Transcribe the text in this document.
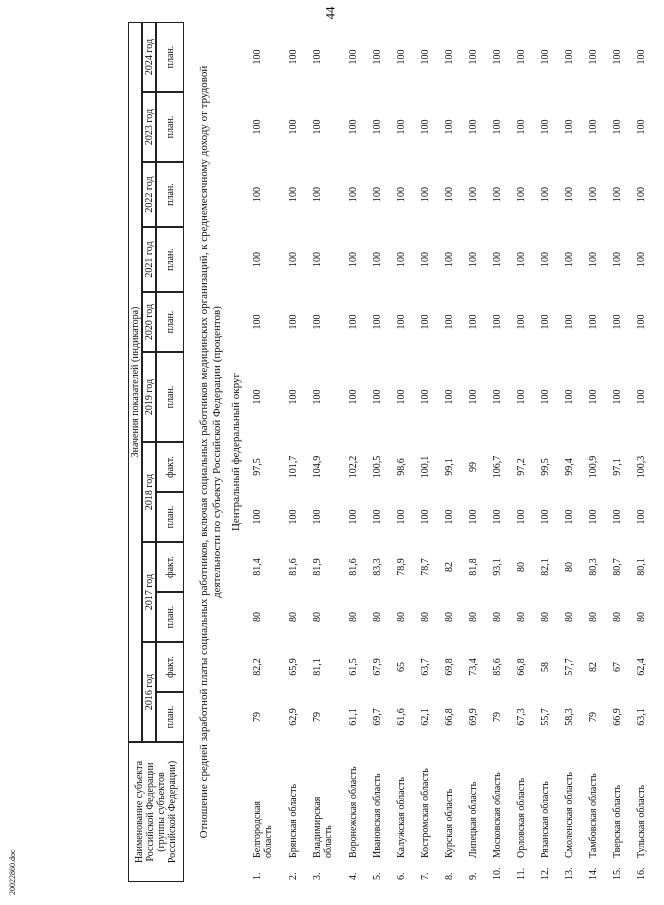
44
20022860.doc
Наименование субъекта Российской Федерации (группы субъектов Российской Федерации)
Значения показателей (индикатора)	Отношение средней заработной платы социальных работников, включая социальных работников медицинских организаций, к среднемесячному доходу от трудовой деятельности по субъекту Российской Федерации (процентов) Центральный федеральный округ
2016 год
2017 год
2018 год
2019 год
2020 год
2021 год
2022 год
2023 год
2024 год
план.
факт.
план.
факт.
план.
факт.
план.
план.
план.
план.
план.
план.
1.
Белгородская область
79
82,2
80
81,4
100
97,5
100
100
100
100
100
100
2.
Брянская область
62,9
65,9
80
81,6
100
101,7
100
100
100
100
100
100
3.
Владимирская область
79
81,1
80
81,9
100
104,9
100
100
100
100
100
100
4.
Воронежская область
61,1
61,5
80
81,6
100
102,2
100
100
100
100
100
100
5.
Ивановская область
69,7
67,9
80
83,3
100
100,5
100
100
100
100
100
100
6.
Калужская область
61,6
65
80
78,9
100
98,6
100
100
100
100
100
100
7.
Костромская область
62,1
63,7
80
78,7
100
100,1
100
100
100
100
100
100
8.
Курская область
66,8
69,8
80
82
100
99,1
100
100
100
100
100
100
9.
Липецкая область
69,9
73,4
80
81,8
100
99
100
100
100
100
100
100
10.
Московская область
79
85,6
80
93,1
100
106,7
100
100
100
100
100
100
11.
Орловская область
67,3
66,8
80
80
100
97,2
100
100
100
100
100
100
12.
Рязанская область
55,7
58
80
82,1
100
99,5
100
100
100
100
100
100
13.
Смоленская область
58,3
57,7
80
80
100
99,4
100
100
100
100
100
100
14.
Тамбовская область
79
82
80
80,3
100
100,9
100
100
100
100
100
100
15.
Тверская область
66,9
67
80
80,7
100
97,1
100
100
100
100
100
100
16.
Тульская область
63,1
62,4
80
80,1
100
100,3
100
100
100
100
100
100
